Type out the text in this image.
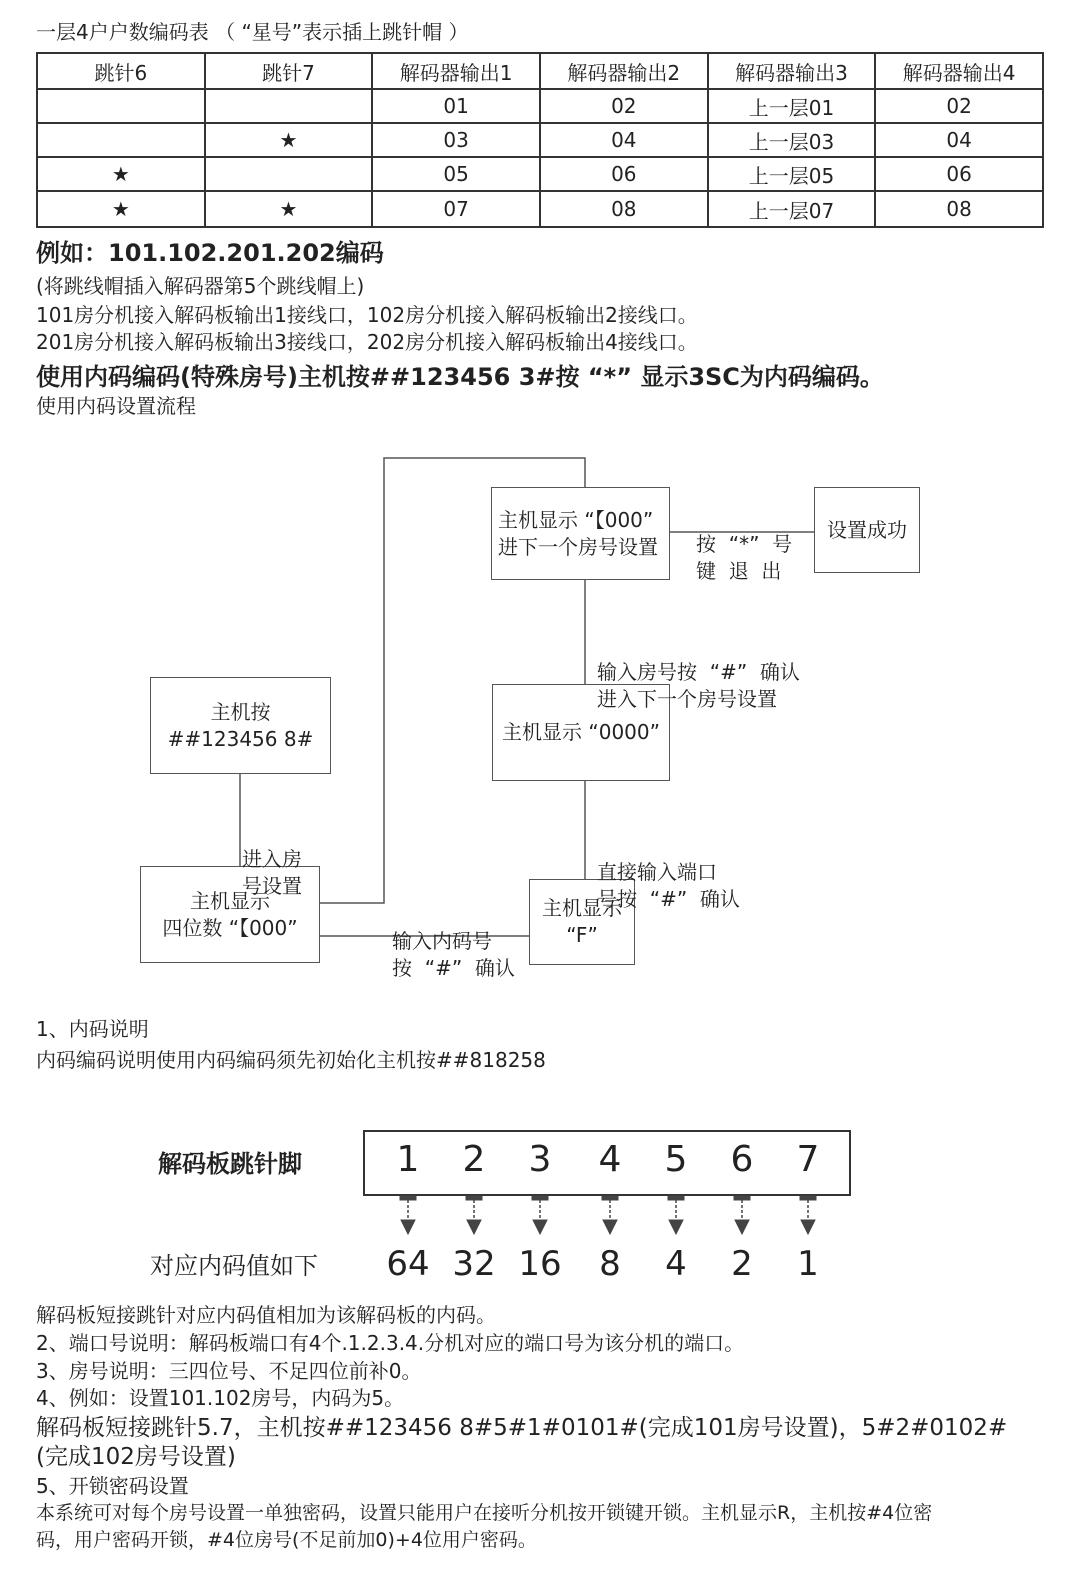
一层4户户数编码表 （ “星号”表示插上跳针帽 ）
跳针6	跳针7	解码器输出1	解码器输出2	解码器输出3	解码器输出4
		01	02	上一层01	02
	★	03	04	上一层03	04
★		05	06	上一层05	06
★	★	07	08	上一层07	08
例如：101.102.201.202编码
(将跳线帽插入解码器第5个跳线帽上)
101房分机接入解码板输出1接线口，102房分机接入解码板输出2接线口。
201房分机接入解码板输出3接线口，202房分机接入解码板输出4接线口。
使用内码编码(特殊房号)主机按##123456 3#按 “*” 显示3SC为内码编码。
使用内码设置流程
主机按
##123456 8#
主机显示
四位数 “【000”
主机显示
“F”
主机显示 “0000”
主机显示 “【000”
进下一个房号设置
设置成功

进入房
号设置

输入内码号
按  “#”  确认

直接输入端口
号按  “#”  确认

输入房号按  “#”  确认
进入下一个房号设置

按  “*”  号
键  退  出

1、内码说明
内码编码说明使用内码编码须先初始化主机按##818258
解码板跳针脚	1 2 3 4 5 6 7
对应内码值如下	64 32 16	8	4	2	1
解码板短接跳针对应内码值相加为该解码板的内码。
2、端口号说明：解码板端口有4个.1.2.3.4.分机对应的端口号为该分机的端口。
3、房号说明：三四位号、不足四位前补0。
4、例如：设置101.102房号，内码为5。
解码板短接跳针5.7，主机按##123456 8#5#1#0101#(完成101房号设置)，5#2#0102#
(完成102房号设置)
5、开锁密码设置
本系统可对每个房号设置一单独密码，设置只能用户在接听分机按开锁键开锁。主机显示R，主机按#4位密
码，用户密码开锁，#4位房号(不足前加0)+4位用户密码。
